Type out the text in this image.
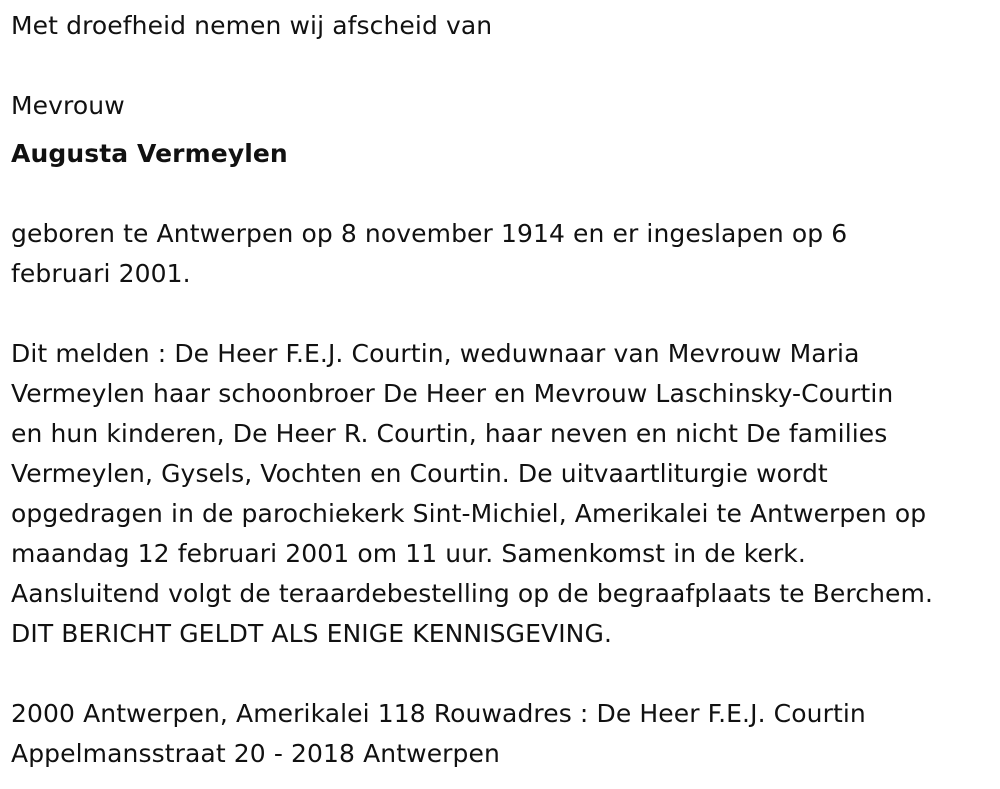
Met droefheid nemen wij afscheid van
Mevrouw
Augusta Vermeylen
geboren te Antwerpen op 8 november 1914 en er ingeslapen op 6
februari 2001.
Dit melden : De Heer F.E.J. Courtin, weduwnaar van Mevrouw Maria
Vermeylen haar schoonbroer De Heer en Mevrouw Laschinsky-Courtin
en hun kinderen, De Heer R. Courtin, haar neven en nicht De families
Vermeylen, Gysels, Vochten en Courtin. De uitvaartliturgie wordt
opgedragen in de parochiekerk Sint-Michiel, Amerikalei te Antwerpen op
maandag 12 februari 2001 om 11 uur. Samenkomst in de kerk.
Aansluitend volgt de teraardebestelling op de begraafplaats te Berchem.
DIT BERICHT GELDT ALS ENIGE KENNISGEVING.
2000 Antwerpen, Amerikalei 118 Rouwadres : De Heer F.E.J. Courtin
Appelmansstraat 20 - 2018 Antwerpen
